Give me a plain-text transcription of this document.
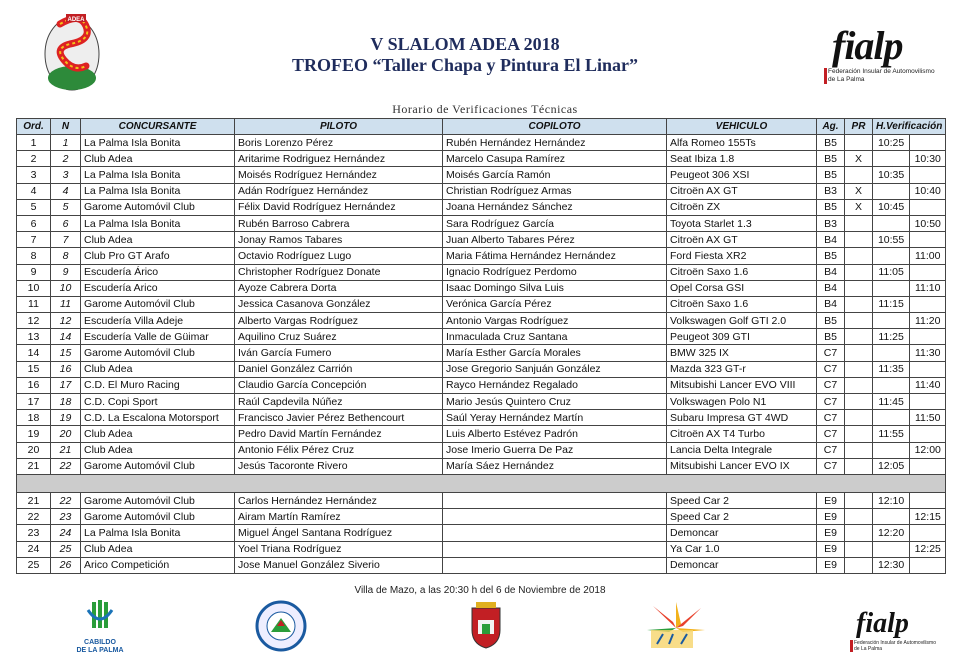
ADEA
fialp
Federación Insular de Automovilismo de La Palma
V SLALOM ADEA 2018
TROFEO “Taller Chapa y Pintura El Linar”
Horario de Verificaciones Técnicas
Ord.	N	CONCURSANTE	PILOTO	COPILOTO	VEHICULO	Ag.	PR	H.Verificación	
1	1	La Palma Isla Bonita	Boris Lorenzo Pérez	Rubén Hernández Hernández	Alfa Romeo 155Ts	B5		10:25	
2	2	Club Adea	Aritarime Rodriguez Hernández	Marcelo Casupa Ramírez	Seat Ibiza 1.8	B5	X		10:30
3	3	La Palma Isla Bonita	Moisés Rodríguez Hernández	Moisés García Ramón	Peugeot 306 XSI	B5		10:35	
4	4	La Palma Isla Bonita	Adán Rodríguez Hernández	Christian Rodríguez Armas	Citroën AX GT	B3	X		10:40
5	5	Garome Automóvil Club	Félix David Rodríguez Hernández	Joana Hernández Sánchez	Citroën ZX	B5	X	10:45	
6	6	La Palma Isla Bonita	Rubén Barroso Cabrera	Sara Rodríguez García	Toyota Starlet 1.3	B3			10:50
7	7	Club Adea	Jonay Ramos Tabares	Juan Alberto Tabares Pérez	Citroën AX GT	B4		10:55	
8	8	Club Pro GT Arafo	Octavio Rodríguez Lugo	Maria Fátima Hernández Hernández	Ford Fiesta XR2	B5			11:00
9	9	Escudería Árico	Christopher Rodríguez Donate	Ignacio Rodríguez Perdomo	Citroën Saxo 1.6	B4		11:05	
10	10	Escudería Arico	Ayoze Cabrera Dorta	Isaac Domingo Silva Luis	Opel Corsa GSI	B4			11:10
11	11	Garome Automóvil Club	Jessica Casanova González	Verónica García Pérez	Citroën Saxo 1.6	B4		11:15	
12	12	Escudería Villa Adeje	Alberto Vargas Rodríguez	Antonio Vargas Rodríguez	Volkswagen Golf GTI 2.0	B5			11:20
13	14	Escudería Valle de Güimar	Aquilino Cruz Suárez	Inmaculada Cruz Santana	Peugeot 309 GTI	B5		11:25	
14	15	Garome Automóvil Club	Iván García Fumero	María Esther García Morales	BMW 325 IX	C7			11:30
15	16	Club Adea	Daniel González Carrión	Jose Gregorio Sanjuán González	Mazda 323 GT-r	C7		11:35	
16	17	C.D. El Muro Racing	Claudio García Concepción	Rayco Hernández Regalado	Mitsubishi Lancer EVO VIII	C7			11:40
17	18	C.D. Copi Sport	Raúl Capdevila Núñez	Mario Jesús Quintero Cruz	Volkswagen Polo N1	C7		11:45	
18	19	C.D. La Escalona Motorsport	Francisco Javier Pérez Bethencourt	Saúl Yeray Hernández Martín	Subaru Impresa GT 4WD	C7			11:50
19	20	Club Adea	Pedro David Martín Fernández	Luis Alberto Estévez Padrón	Citroën AX T4 Turbo	C7		11:55	
20	21	Club Adea	Antonio Félix Pérez Cruz	Jose Imerio Guerra De Paz	Lancia Delta Integrale	C7			12:00
21	22	Garome Automóvil Club	Jesús Tacoronte Rivero	María Sáez Hernández	Mitsubishi Lancer EVO IX	C7		12:05	

21	22	Garome Automóvil Club	Carlos Hernández Hernández		Speed Car 2	E9		12:10	
22	23	Garome Automóvil Club	Airam Martín Ramírez		Speed Car 2	E9			12:15
23	24	La Palma Isla Bonita	Miguel Ángel Santana Rodríguez		Demoncar	E9		12:20	
24	25	Club Adea	Yoel Triana Rodríguez		Ya Car 1.0	E9			12:25
25	26	Arico Competición	Jose Manuel González Siverio		Demoncar	E9		12:30	
Villa de Mazo, a las 20:30 h del 6 de Noviembre de 2018
CABILDO
DE LA PALMA
fialp
Federación Insular de Automovilismo de La Palma
